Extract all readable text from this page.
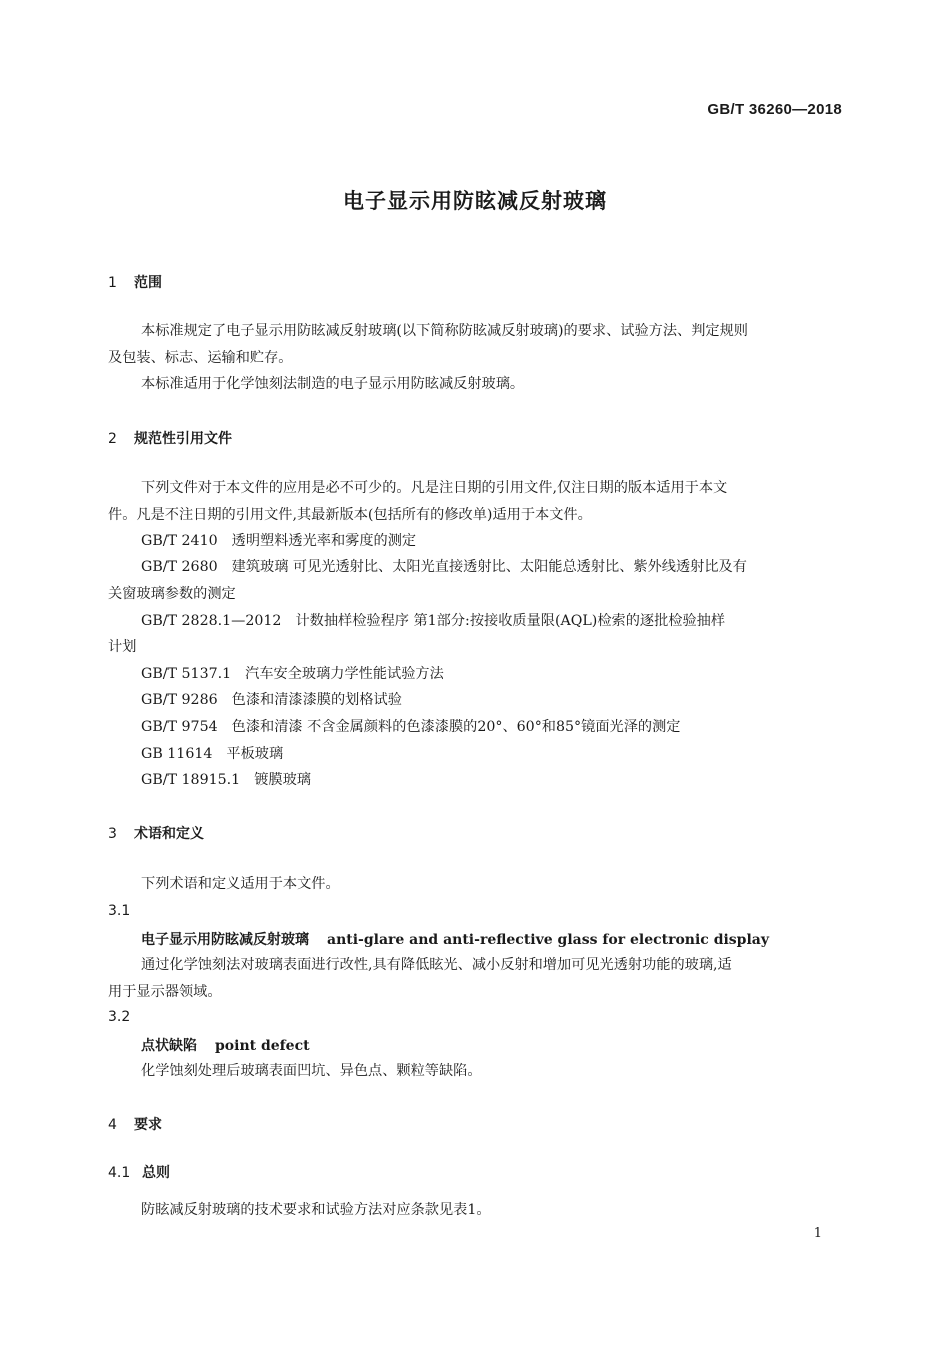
GB/T 36260—2018
电子显示用防眩减反射玻璃
1 范围
本标准规定了电子显示用防眩减反射玻璃(以下简称防眩减反射玻璃)的要求、试验方法、判定规则
及包装、标志、运输和贮存。
本标准适用于化学蚀刻法制造的电子显示用防眩减反射玻璃。
2 规范性引用文件
下列文件对于本文件的应用是必不可少的。凡是注日期的引用文件,仅注日期的版本适用于本文
件。凡是不注日期的引用文件,其最新版本(包括所有的修改单)适用于本文件。
GB/T 2410 透明塑料透光率和雾度的测定
GB/T 2680 建筑玻璃 可见光透射比、太阳光直接透射比、太阳能总透射比、紫外线透射比及有
关窗玻璃参数的测定
GB/T 2828.1—2012 计数抽样检验程序 第1部分:按接收质量限(AQL)检索的逐批检验抽样
计划
GB/T 5137.1 汽车安全玻璃力学性能试验方法
GB/T 9286 色漆和清漆漆膜的划格试验
GB/T 9754 色漆和清漆 不含金属颜料的色漆漆膜的20°、60°和85°镜面光泽的测定
GB 11614 平板玻璃
GB/T 18915.1 镀膜玻璃
3 术语和定义
下列术语和定义适用于本文件。
3.1
电子显示用防眩减反射玻璃 anti-glare and anti-reflective glass for electronic display
通过化学蚀刻法对玻璃表面进行改性,具有降低眩光、减小反射和增加可见光透射功能的玻璃,适
用于显示器领域。
3.2
点状缺陷 point defect
化学蚀刻处理后玻璃表面凹坑、异色点、颗粒等缺陷。
4 要求
4.1 总则
防眩减反射玻璃的技术要求和试验方法对应条款见表1。
1
